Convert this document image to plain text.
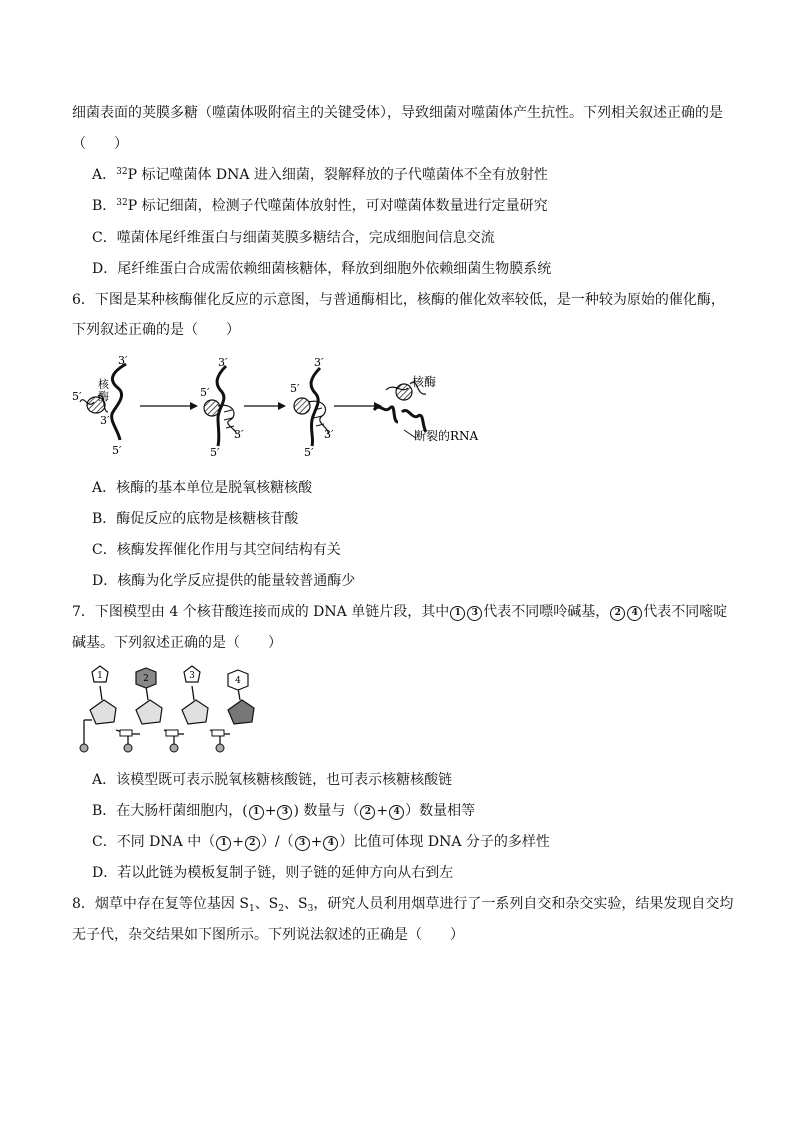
细菌表面的荚膜多糖（噬菌体吸附宿主的关键受体），导致细菌对噬菌体产生抗性。下列相关叙述正确的是
（　　）
A．$^{32}$P 标记噬菌体 DNA 进入细菌，裂解释放的子代噬菌体不全有放射性
B．$^{32}$P 标记细菌，检测子代噬菌体放射性，可对噬菌体数量进行定量研究
C．噬菌体尾纤维蛋白与细菌荚膜多糖结合，完成细胞间信息交流
D．尾纤维蛋白合成需依赖细菌核糖体，释放到细胞外依赖细菌生物膜系统
6．下图是某种核酶催化反应的示意图，与普通酶相比，核酶的催化效率较低，是一种较为原始的催化酶，
下列叙述正确的是（　　）
3′
5′
核
酶
3′
5′
3′
5′
3′
5′
3′
5′
3′
5′
核酶
断裂的RNA
A．核酶的基本单位是脱氧核糖核酸
B．酶促反应的底物是核糖核苷酸
C．核酶发挥催化作用与其空间结构有关
D．核酶为化学反应提供的能量较普通酶少
7．下图模型由 4 个核苷酸连接而成的 DNA 单链片段，其中 1 3 代表不同嘌呤碱基， 2 4 代表不同嘧啶
碱基。下列叙述正确的是（　　）
1	2	3	4
A．该模型既可表示脱氧核糖核酸链，也可表示核糖核酸链
B．在大肠杆菌细胞内，( 1 + 3 ) 数量与（ 2 + 4 ）数量相等
C．不同 DNA 中（ 1 + 2 ）/（ 3 + 4 ）比值可体现 DNA 分子的多样性
D．若以此链为模板复制子链，则子链的延伸方向从右到左
8．烟草中存在复等位基因 $S_1$、$S_2$、$S_3$，研究人员利用烟草进行了一系列自交和杂交实验，结果发现自交均
无子代，杂交结果如下图所示。下列说法叙述的正确是（　　）
